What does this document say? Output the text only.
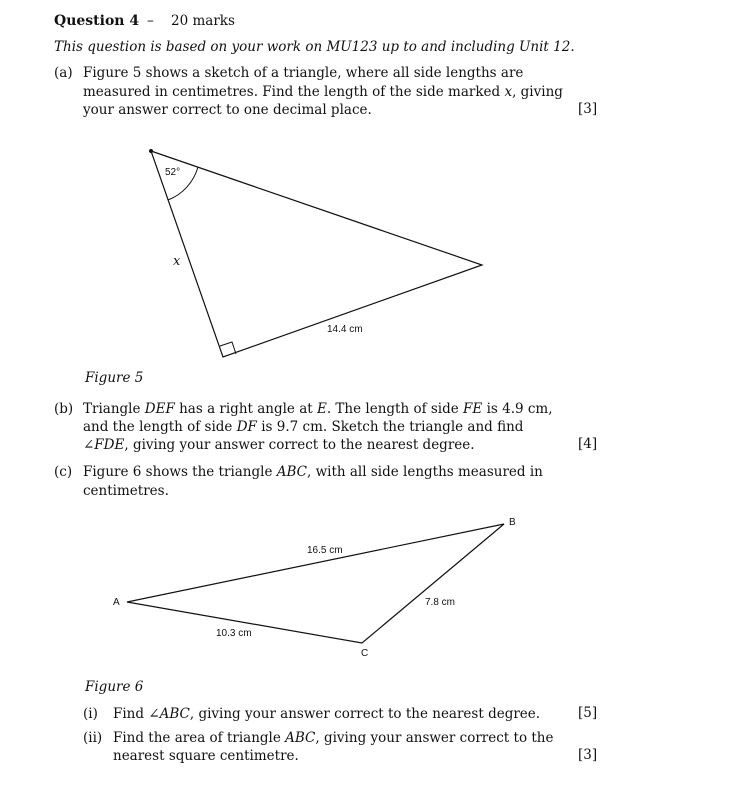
Question 4 – 20 marks
This question is based on your work on MU123 up to and including Unit 12.
(a) Figure 5 shows a sketch of a triangle, where all side lengths are
measured in centimetres. Find the length of the side marked x, giving
your answer correct to one decimal place.	[3]
52°
x
14.4 cm
Figure 5
(b) Triangle DEF has a right angle at E. The length of side FE is 4.9 cm,
and the length of side DF is 9.7 cm. Sketch the triangle and find
∠FDE, giving your answer correct to the nearest degree.	[4]
(c) Figure 6 shows the triangle ABC, with all side lengths measured in
centimetres.
A
B
C
16.5 cm
7.8 cm
10.3 cm
Figure 6
(i) Find ∠ABC, giving your answer correct to the nearest degree.	[5]
(ii) Find the area of triangle ABC, giving your answer correct to the
nearest square centimetre.	[3]
